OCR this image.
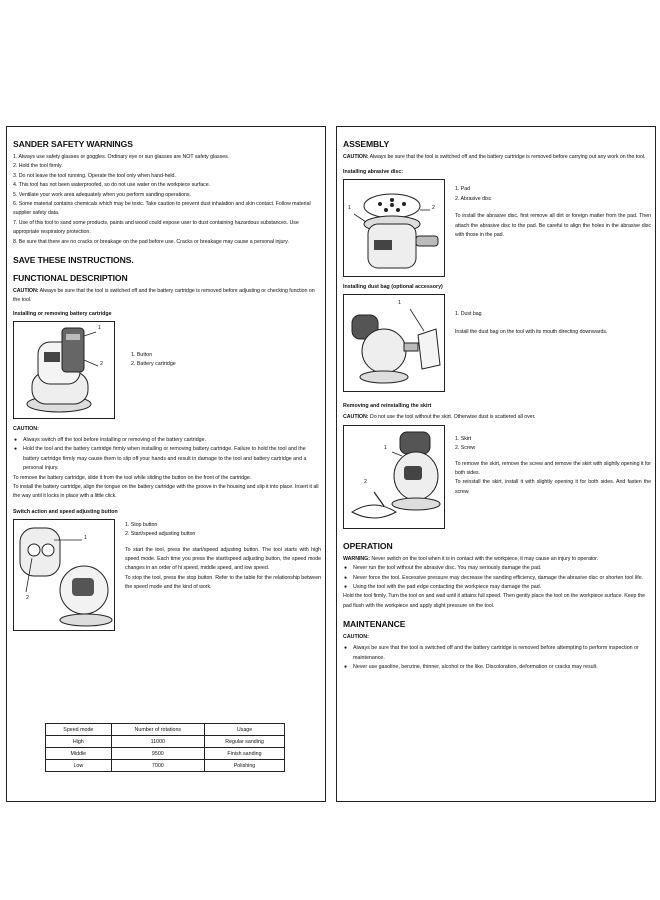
SANDER SAFETY WARNINGS

1. Always use safety glasses or goggles. Ordinary eye or sun glasses are NOT safety glasses.

2. Hold the tool firmly.

3. Do not leave the tool running. Operate the tool only when hand-held.

4. This tool has not been waterproofed, so do not use water on the workpiece surface.

5. Ventilate your work area adequately when you perform sanding operations.

6. Some material contains chemicals which may be toxic. Take caution to prevent dust inhalation and skin contact. Follow material supplier safety data.

7. Use of this tool to sand some products, paints and wood could expose user to dust containing hazardous substances. Use appropriate respiratory protection.

8. Be sure that there are no cracks or breakage on the pad before use. Cracks or breakage may cause a personal injury.

SAVE THESE INSTRUCTIONS.
FUNCTIONAL DESCRIPTION

CAUTION: Always be sure that the tool is switched off and the battery cartridge is removed before adjusting or checking function on the tool.

Installing or removing battery cartridge
1
2
1. Button
2. Battery cartridge
CAUTION:
● Always switch off the tool before installing or removing of the battery cartridge.
● Hold the tool and the battery cartridge firmly when installing or removing battery cartridge. Failure to hold the tool and the battery cartridge firmly may cause them to slip off your hands and result in damage to the tool and battery cartridge and a personal injury.

To remove the battery cartridge, slide it from the tool while sliding the button on the front of the cartridge.

To install the battery cartridge, align the tongue on the battery cartridge with the groove in the housing and slip it into place. Insert it all the way until it locks in place with a little click.

Switch action and speed adjusting button
1
2
1. Stop button
2. Start/speed adjusting button

To start the tool, press the start/speed adjusting button. The tool starts with high speed mode. Each time you press the start/speed adjusting button, the speed mode changes in an order of hi speed, middle speed, and low speed.

To stop the tool, press the stop button. Refer to the table for the relationship between the speed mode and the kind of work.

Speed mode	Number of rotations	Usage
High	11000	Regular sanding
Middle	9500	Finish sanding
Low	7000	Polishing
ASSEMBLY

CAUTION: Always be sure that the tool is switched off and the battery cartridge is removed before carrying out any work on the tool.

Installing abrasive disc:
1	2
1. Pad
2. Abrasive disc

To install the abrasive disc, first remove all dirt or foreign matter from the pad. Then attach the abrasive disc to the pad. Be careful to align the holes in the abrasive disc with those in the pad.

Installing dust bag (optional accessory)
1
1. Dust bag

Install the dust bag on the tool with its mouth directing downwards.

Removing and reinstalling the skirt

CAUTION: Do not use the tool without the skirt. Otherwise dust is scattered all over.

1
2
1. Skirt
2. Screw

To remove the skirt, remove the screw and remove the skirt with slightly opening it for both sides.

To reinstall the skirt, install it with slightly opening it for both sides. And fasten the screw.

OPERATION

WARNING: Never switch on the tool when it is in contact with the workpiece, it may cause an injury to operator.

● Never run the tool without the abrasive disc. You may seriously damage the pad.
● Never force the tool. Excessive pressure may decrease the sanding efficiency, damage the abrasive disc or shorten tool life.
● Using the tool with the pad edge contacting the workpiece may damage the pad.

Hold the tool firmly. Turn the tool on and wait until it attains full speed. Then gently place the tool on the workpiece surface. Keep the pad flush with the workpiece and apply slight pressure on the tool.

MAINTENANCE
CAUTION:
● Always be sure that the tool is switched off and the battery cartridge is removed before attempting to perform inspection or maintenance.
● Never use gasoline, benzine, thinner, alcohol or the like. Discoloration, deformation or cracks may result.
